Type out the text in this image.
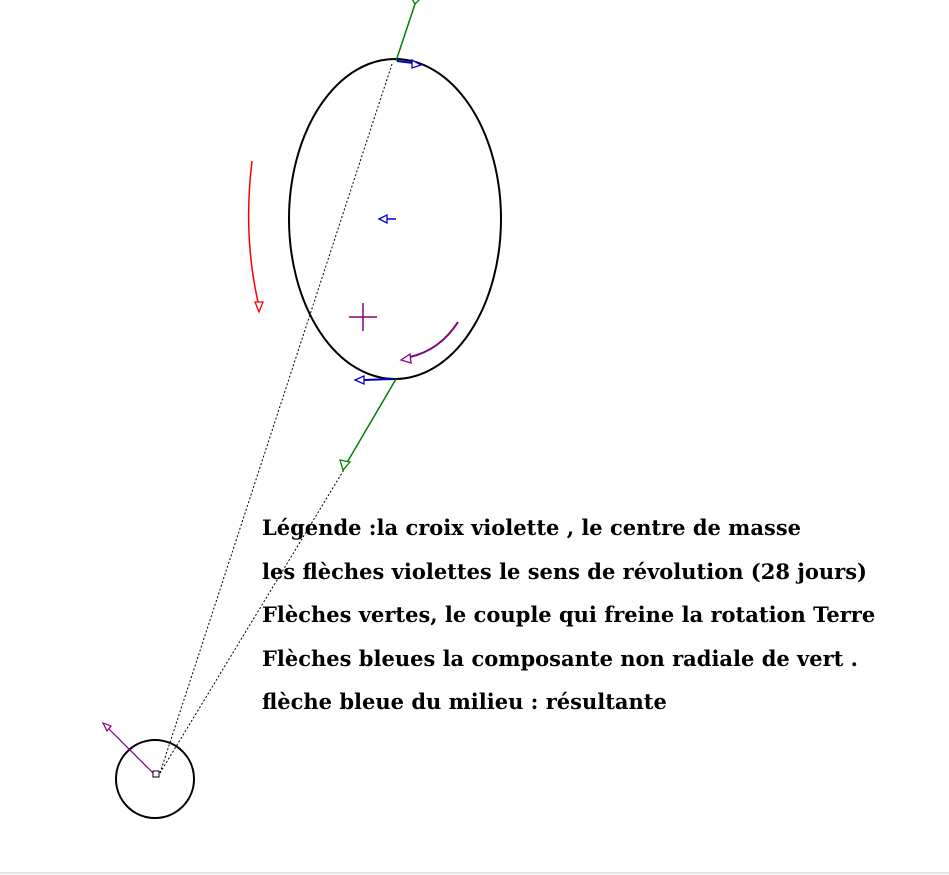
Légende :la croix violette , le centre de masse
les flèches violettes le sens de révolution (28 jours)
Flèches vertes, le couple qui freine la rotation Terre
Flèches bleues la composante non radiale de vert .
flèche bleue du milieu : résultante
